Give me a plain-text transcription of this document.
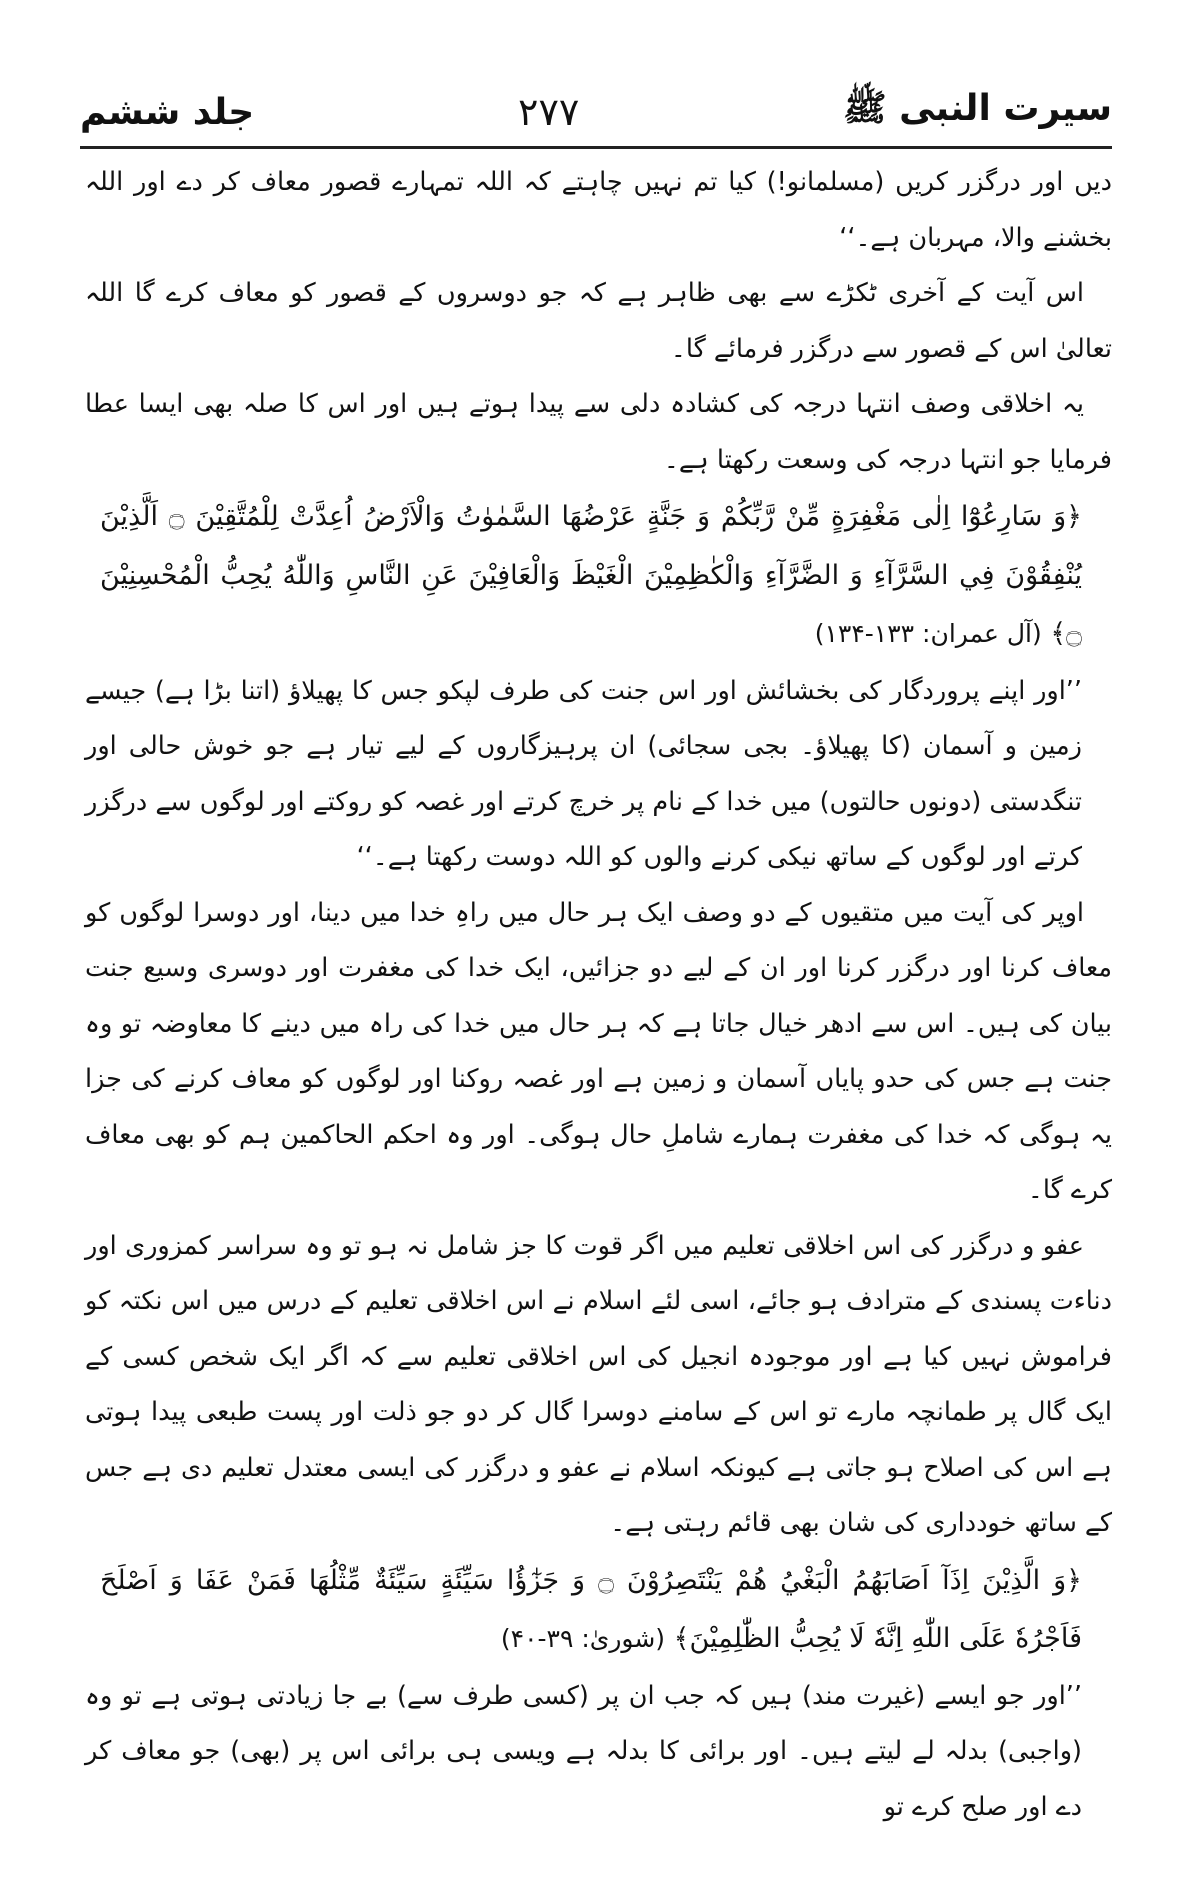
سیرت النبی ﷺ
۲۷۷
جلد ششم

دیں اور درگزر کریں (مسلمانو!) کیا تم نہیں چاہتے کہ اللہ تمہارے قصور معاف کر دے اور اللہ بخشنے والا، مہربان ہے۔‘‘

اس آیت کے آخری ٹکڑے سے بھی ظاہر ہے کہ جو دوسروں کے قصور کو معاف کرے گا اللہ تعالیٰ اس کے قصور سے درگزر فرمائے گا۔

یہ اخلاقی وصف انتہا درجہ کی کشادہ دلی سے پیدا ہوتے ہیں اور اس کا صلہ بھی ایسا عطا فرمایا جو انتہا درجہ کی وسعت رکھتا ہے۔

﴿وَ سَارِعُوْٓا اِلٰى مَغْفِرَةٍ مِّنْ رَّبِّكُمْ وَ جَنَّةٍ عَرْضُهَا السَّمٰوٰتُ وَالْاَرْضُ اُعِدَّتْ لِلْمُتَّقِيْنَ ۝ اَلَّذِيْنَ يُنْفِقُوْنَ فِي السَّرَّآءِ وَ الضَّرَّآءِ وَالْكٰظِمِيْنَ الْغَيْظَ وَالْعَافِيْنَ عَنِ النَّاسِ وَاللّٰهُ يُحِبُّ الْمُحْسِنِيْنَ ۝﴾ (آل عمران: ۱۳۳-۱۳۴)

’’اور اپنے پروردگار کی بخشائش اور اس جنت کی طرف لپکو جس کا پھیلاؤ (اتنا بڑا ہے) جیسے زمین و آسمان (کا پھیلاؤ۔ بجی سجائی) ان پرہیزگاروں کے لیے تیار ہے جو خوش حالی اور تنگدستی (دونوں حالتوں) میں خدا کے نام پر خرچ کرتے اور غصہ کو روکتے اور لوگوں سے درگزر کرتے اور لوگوں کے ساتھ نیکی کرنے والوں کو اللہ دوست رکھتا ہے۔‘‘

اوپر کی آیت میں متقیوں کے دو وصف ایک ہر حال میں راہِ خدا میں دینا، اور دوسرا لوگوں کو معاف کرنا اور درگزر کرنا اور ان کے لیے دو جزائیں، ایک خدا کی مغفرت اور دوسری وسیع جنت بیان کی ہیں۔ اس سے ادھر خیال جاتا ہے کہ ہر حال میں خدا کی راہ میں دینے کا معاوضہ تو وہ جنت ہے جس کی حدو پایاں آسمان و زمین ہے اور غصہ روکنا اور لوگوں کو معاف کرنے کی جزا یہ ہوگی کہ خدا کی مغفرت ہمارے شاملِ حال ہوگی۔ اور وہ احکم الحاکمین ہم کو بھی معاف کرے گا۔

عفو و درگزر کی اس اخلاقی تعلیم میں اگر قوت کا جز شامل نہ ہو تو وہ سراسر کمزوری اور دناءت پسندی کے مترادف ہو جائے، اسی لئے اسلام نے اس اخلاقی تعلیم کے درس میں اس نکتہ کو فراموش نہیں کیا ہے اور موجودہ انجیل کی اس اخلاقی تعلیم سے کہ اگر ایک شخص کسی کے ایک گال پر طمانچہ مارے تو اس کے سامنے دوسرا گال کر دو جو ذلت اور پست طبعی پیدا ہوتی ہے اس کی اصلاح ہو جاتی ہے کیونکہ اسلام نے عفو و درگزر کی ایسی معتدل تعلیم دی ہے جس کے ساتھ خودداری کی شان بھی قائم رہتی ہے۔

﴿وَ الَّذِيْنَ اِذَآ اَصَابَهُمُ الْبَغْيُ هُمْ يَنْتَصِرُوْنَ ۝ وَ جَزٰٓؤُا سَيِّئَةٍ سَيِّئَةٌ مِّثْلُهَا فَمَنْ عَفَا وَ اَصْلَحَ فَاَجْرُهٗ عَلَى اللّٰهِ اِنَّهٗ لَا يُحِبُّ الظّٰلِمِيْنَ﴾ (شوریٰ: ۳۹-۴۰)

’’اور جو ایسے (غیرت مند) ہیں کہ جب ان پر (کسی طرف سے) بے جا زیادتی ہوتی ہے تو وہ (واجبی) بدلہ لے لیتے ہیں۔ اور برائی کا بدلہ ہے ویسی ہی برائی اس پر (بھی) جو معاف کر دے اور صلح کرے تو
